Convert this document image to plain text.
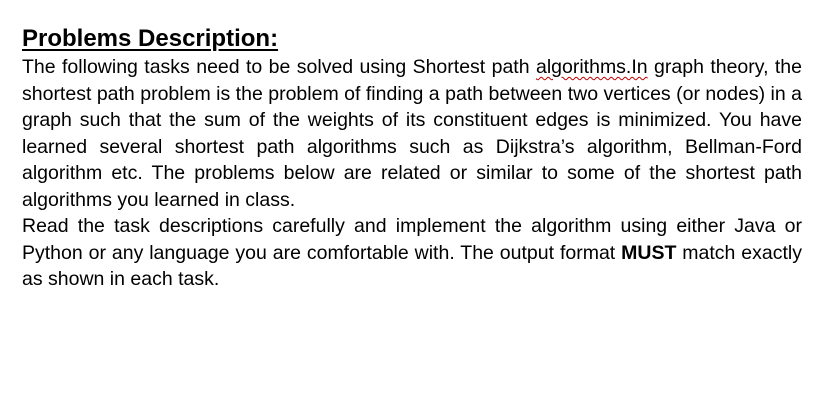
Problems Description:

The following tasks need to be solved using Shortest path algorithms.In graph theory, the shortest path problem is the problem of finding a path between two vertices (or nodes) in a graph such that the sum of the weights of its constituent edges is minimized. You have learned several shortest path algorithms such as Dijkstra’s algorithm, Bellman-Ford algorithm etc. The problems below are related or similar to some of the shortest path algorithms you learned in class.

Read the task descriptions carefully and implement the algorithm using either Java or Python or any language you are comfortable with. The output format MUST match exactly as shown in each task.
